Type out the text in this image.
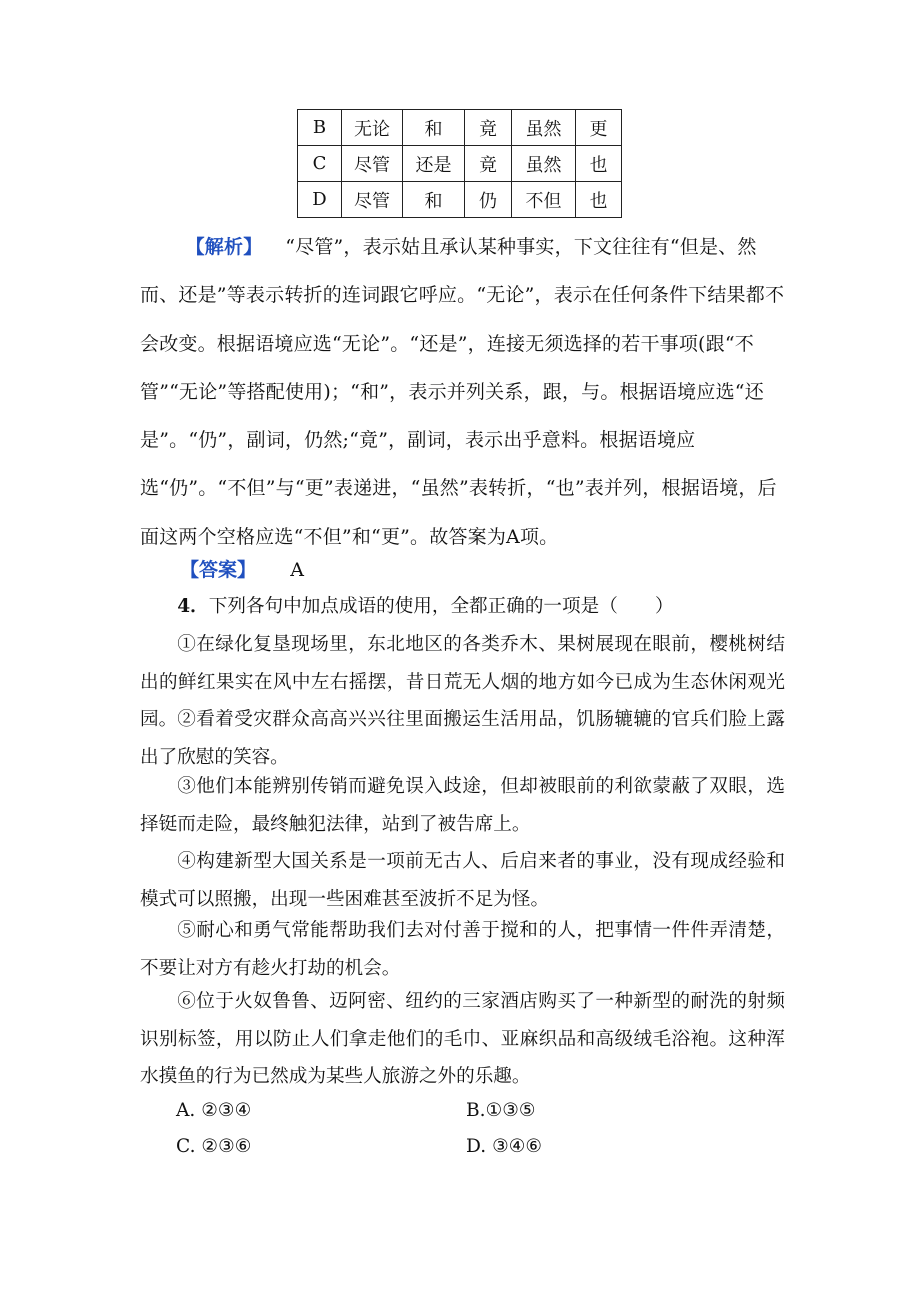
B	无论	和	竟	虽然	更
C	尽管	还是	竟	虽然	也
D	尽管	和	仍	不但	也

【解析】 “尽管”，表示姑且承认某种事实，下文往往有“但是、然而、还是”等表示转折的连词跟它呼应。“无论”，表示在任何条件下结果都不会改变。根据语境应选“无论”。“还是”，连接无须选择的若干事项(跟“不管”“无论”等搭配使用)；“和”，表示并列关系，跟，与。根据语境应选“还是”。“仍”，副词，仍然;“竟”，副词，表示出乎意料。根据语境应选“仍”。“不但”与“更”表递进，“虽然”表转折，“也”表并列，根据语境，后面这两个空格应选“不但”和“更”。故答案为A项。

【答案】 A

4．下列各句中加点成语的使用，全都正确的一项是（　　）

①在绿化复垦现场里，东北地区的各类乔木、果树展现在眼前，樱桃树结出的鲜红果实在风中左右摇摆，昔日荒无人烟的地方如今已成为生态休闲观光园。 ②看着受灾群众高高兴兴往里面搬运生活用品，饥肠辘辘的官兵们脸上露出了欣慰的笑容。

③他们本能辨别传销而避免误入歧途，但却被眼前的利欲蒙蔽了双眼，选择铤而走险，最终触犯法律，站到了被告席上。

④构建新型大国关系是一项前无古人、后启来者的事业，没有现成经验和模式可以照搬，出现一些困难甚至波折不足为怪。

⑤耐心和勇气常能帮助我们去对付善于搅和的人，把事情一件件弄清楚，不要让对方有趁火打劫的机会。

⑥位于火奴鲁鲁、迈阿密、纽约的三家酒店购买了一种新型的耐洗的射频识别标签，用以防止人们拿走他们的毛巾、亚麻织品和高级绒毛浴袍。这种浑水摸鱼的行为已然成为某些人旅游之外的乐趣。

A. ②③④	B.①③⑤
C. ②③⑥	D. ③④⑥
